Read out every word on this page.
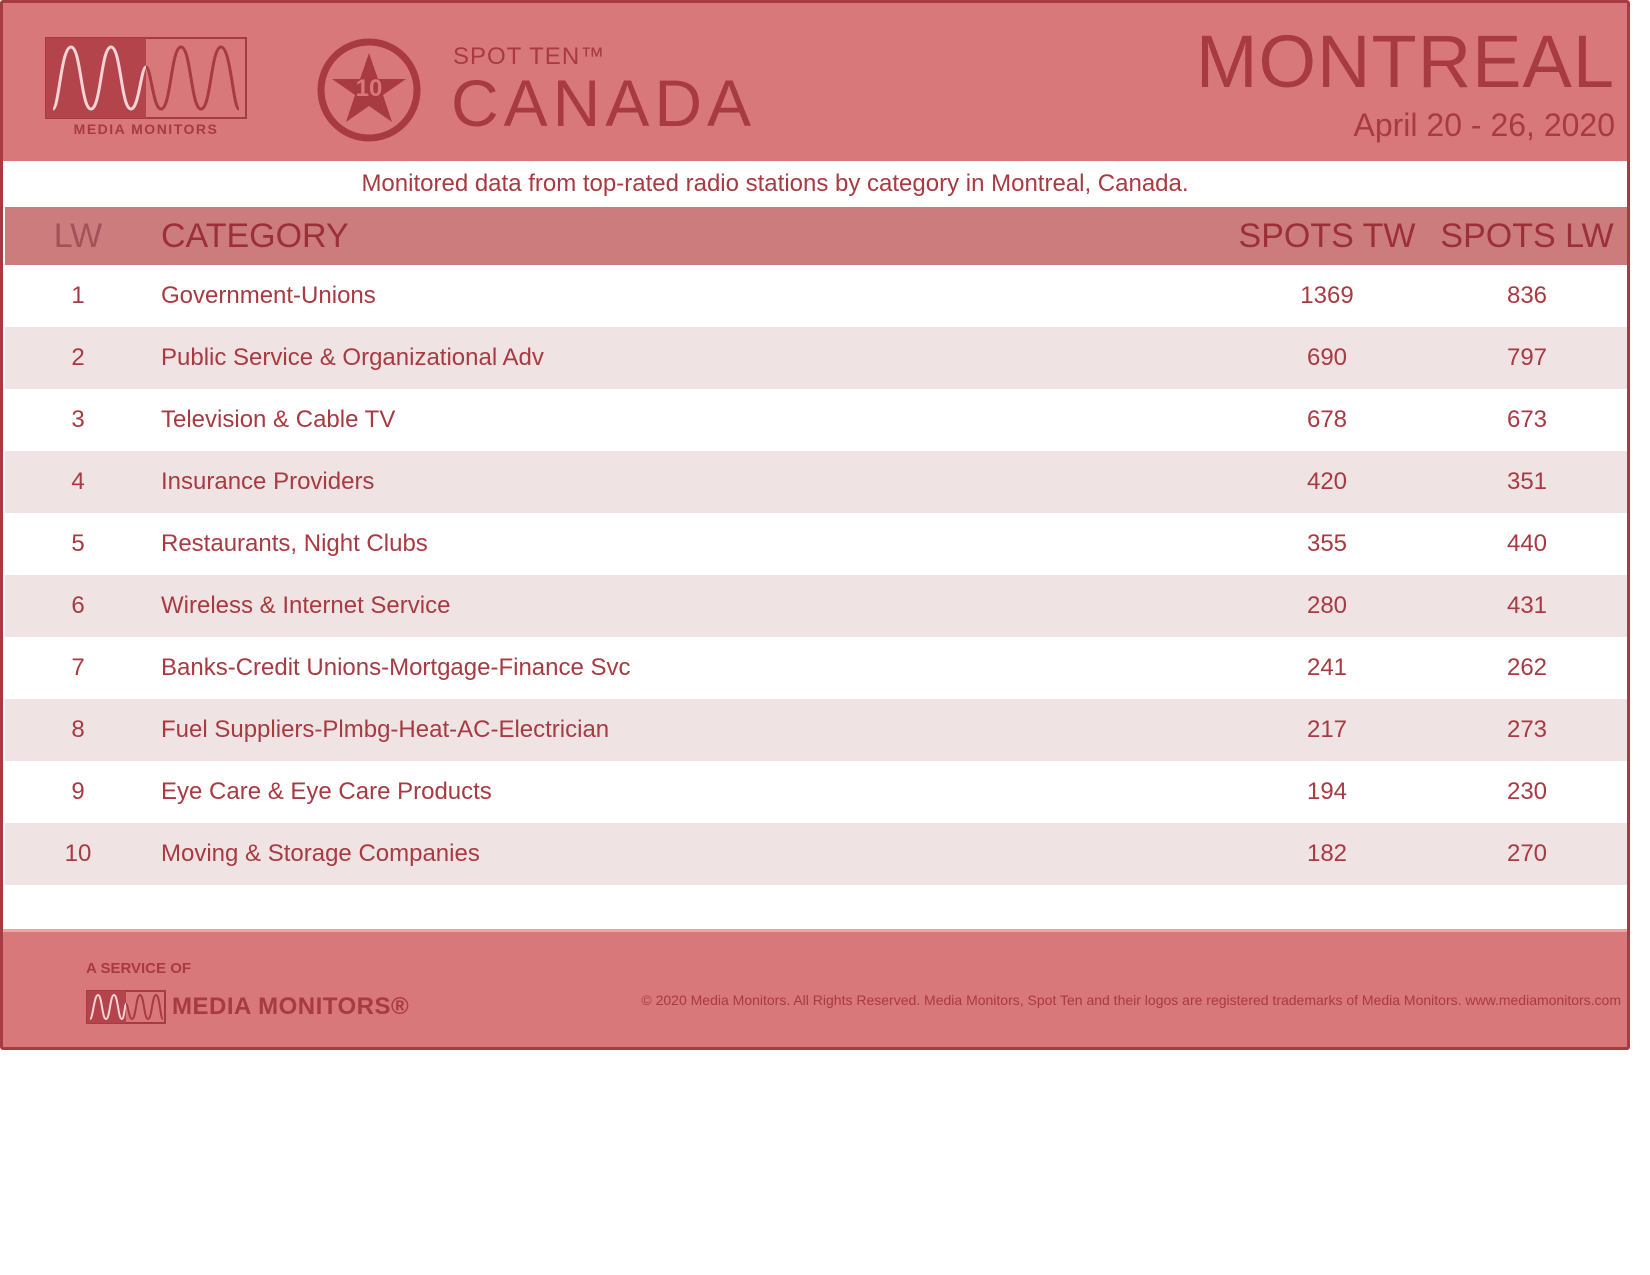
MEDIA MONITORS
10
SPOT TEN™
CANADA	MONTREAL
April 20 - 26, 2020
Monitored data from top-rated radio stations by category in Montreal, Canada.
LW	CATEGORY	SPOTS TW SPOTS LW
1	Government-Unions	1369	836
2	Public Service & Organizational Adv	690	797
3	Television & Cable TV	678	673
4	Insurance Providers	420	351
5	Restaurants, Night Clubs	355	440
6	Wireless & Internet Service	280	431
7	Banks-Credit Unions-Mortgage-Finance Svc	241	262
8	Fuel Suppliers-Plmbg-Heat-AC-Electrician	217	273
9	Eye Care & Eye Care Products	194	230
10	Moving & Storage Companies	182	270
A SERVICE OF
MEDIA MONITORS®	© 2020 Media Monitors. All Rights Reserved. Media Monitors, Spot Ten and their logos are registered trademarks of Media Monitors. www.mediamonitors.com
